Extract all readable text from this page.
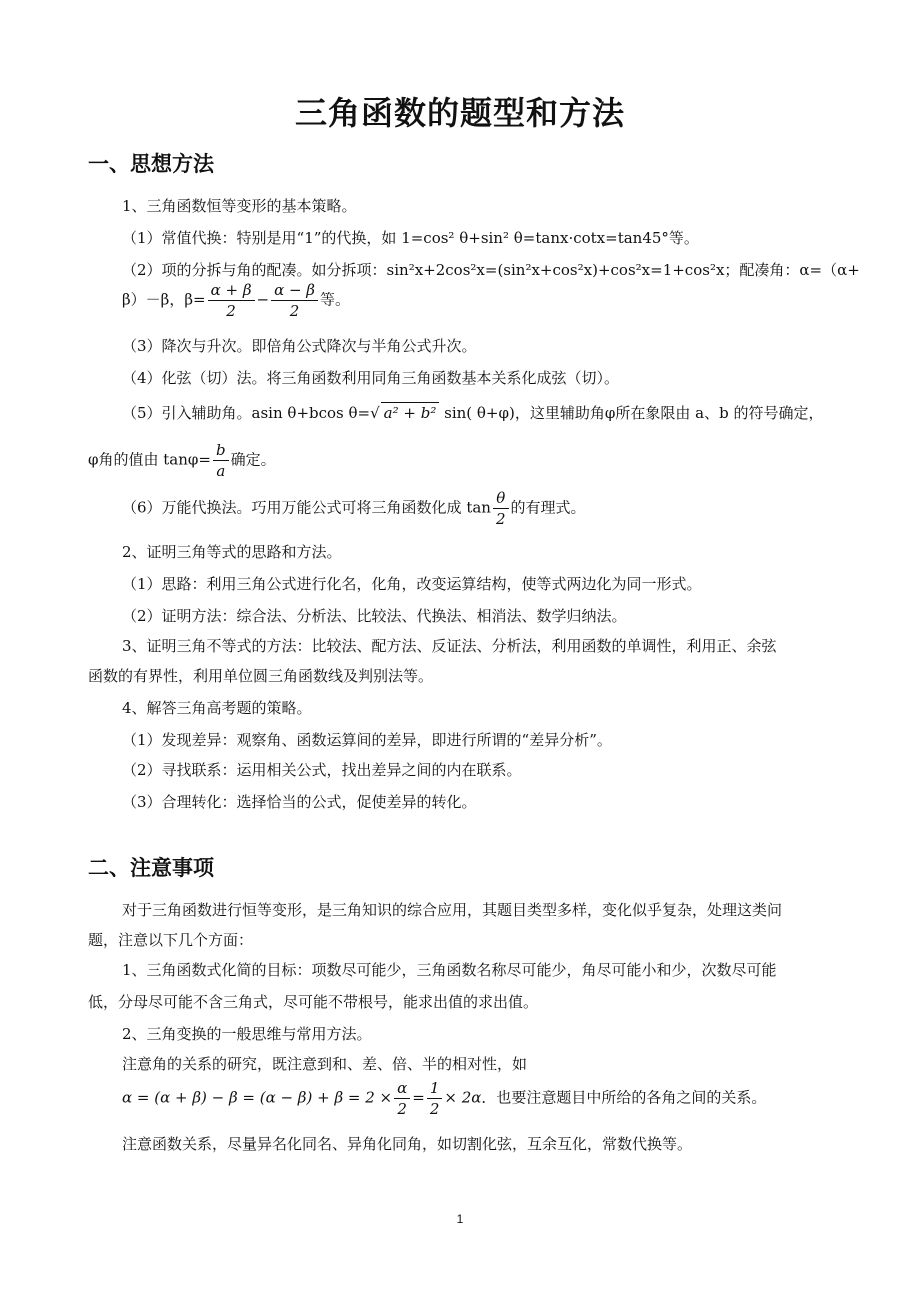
三角函数的题型和方法
一、思想方法
1、三角函数恒等变形的基本策略。
（1）常值代换：特别是用“1”的代换，如 1=cos² θ+sin² θ=tanx·cotx=tan45°等。
（2）项的分拆与角的配凑。如分拆项：sin²x+2cos²x=(sin²x+cos²x)+cos²x=1+cos²x；配凑角：α=（α+
β）－β，$\beta= \frac{\alpha + \beta}{2} - \frac{\alpha - \beta}{2}$ 等。
（3）降次与升次。即倍角公式降次与半角公式升次。
（4）化弦（切）法。将三角函数利用同角三角函数基本关系化成弦（切）。
（5）引入辅助角。asin θ+bcos θ=√ a² + b² sin( θ+φ)，这里辅助角φ所在象限由 a、b 的符号确定，
φ角的值由 $\tan\varphi= \frac{b}{a}$ 确定。
（6）万能代换法。巧用万能公式可将三角函数化成 $\tan \frac{\theta}{2}$ 的有理式。
2、证明三角等式的思路和方法。
（1）思路：利用三角公式进行化名，化角，改变运算结构，使等式两边化为同一形式。
（2）证明方法：综合法、分析法、比较法、代换法、相消法、数学归纳法。
3、证明三角不等式的方法：比较法、配方法、反证法、分析法，利用函数的单调性，利用正、余弦
函数的有界性，利用单位圆三角函数线及判别法等。
4、解答三角高考题的策略。
（1）发现差异：观察角、函数运算间的差异，即进行所谓的“差异分析”。
（2）寻找联系：运用相关公式，找出差异之间的内在联系。
（3）合理转化：选择恰当的公式，促使差异的转化。
二、注意事项
对于三角函数进行恒等变形，是三角知识的综合应用，其题目类型多样，变化似乎复杂，处理这类问
题，注意以下几个方面：
1、三角函数式化简的目标：项数尽可能少，三角函数名称尽可能少，角尽可能小和少，次数尽可能
低，分母尽可能不含三角式，尽可能不带根号，能求出值的求出值。
2、三角变换的一般思维与常用方法。
注意角的关系的研究，既注意到和、差、倍、半的相对性，如
$\alpha = (\alpha + \beta) - \beta = (\alpha - \beta) + \beta = 2 \times \frac{\alpha}{2} = \frac{1}{2} \times 2\alpha$．也要注意题目中所给的各角之间的关系。
注意函数关系，尽量异名化同名、异角化同角，如切割化弦，互余互化，常数代换等。
1
